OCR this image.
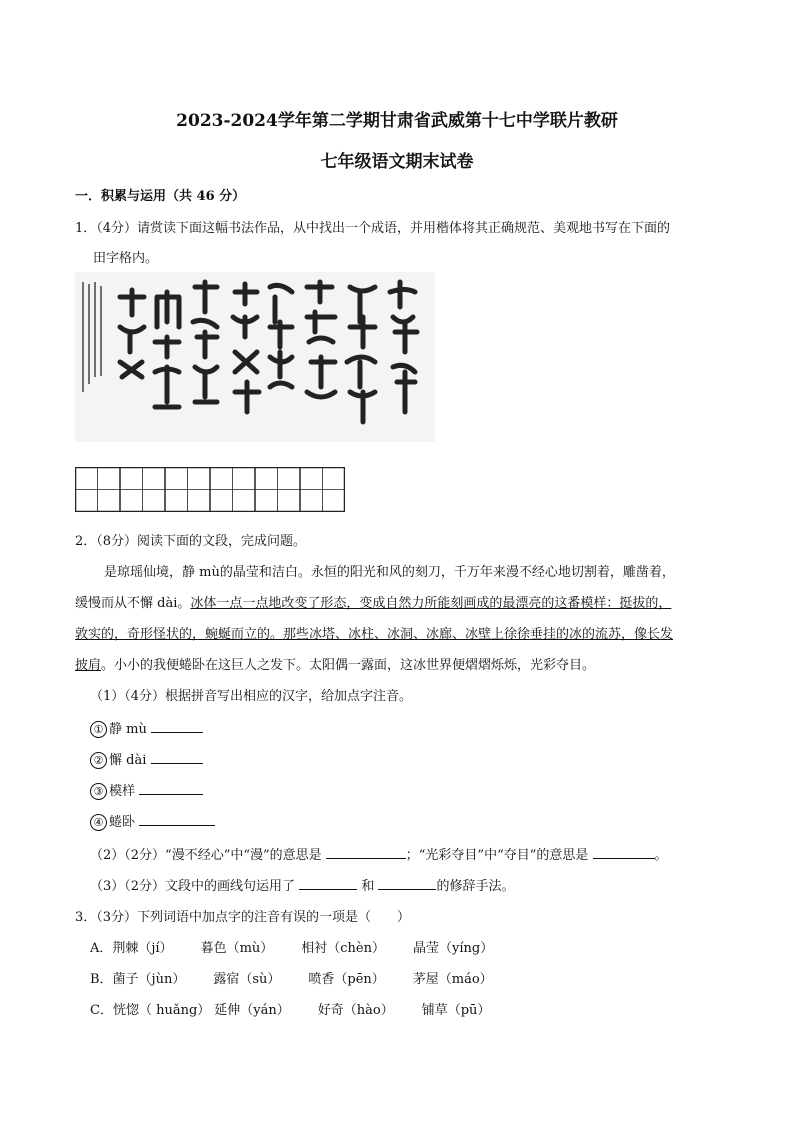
2023-2024学年第二学期甘肃省武威第十七中学联片教研
七年级语文期末试卷
一．积累与运用（共 46 分）
1．（4分）请赏读下面这幅书法作品，从中找出一个成语，并用楷体将其正确规范、美观地书写在下面的
田字格内。
2．（8分）阅读下面的文段，完成问题。
是琼瑶仙境，静 mù的晶莹和洁白。永恒的阳光和风的刻刀，千万年来漫不经心地切割着，雕凿着，
缓慢而从不懈 dài。冰体一点一点地改变了形态，变成自然力所能刻画成的最漂亮的这番模样：挺拔的，
敦实的，奇形怪状的，蜿蜒而立的。那些冰塔、冰柱、冰洞、冰廊、冰壁上徐徐垂挂的冰的流苏，像长发
披肩。小小的我便蜷卧在这巨人之发下。太阳偶一露面，这冰世界便熠熠烁烁，光彩夺目。
（1）（4分）根据拼音写出相应的汉字，给加点字注音。
① 静 mù
② 懈 dài
③ 模样
④ 蜷卧
（2）（2分）“漫不经心”中“漫”的意思是	；“光彩夺目”中“夺目”的意思是	。
（3）（2分）文段中的画线句运用了	和	的修辞手法。
3．（3分）下列词语中加点字的注音有误的一项是（　　）
A．荆棘（jí） 暮色（mù） 相衬（chèn） 晶莹（yíng）
B．菌子（jùn） 露宿（sù） 喷香（pēn） 茅屋（máo）
C．恍惚（ huǎng） 延伸（yán） 好奇（hào） 铺草（pū）
